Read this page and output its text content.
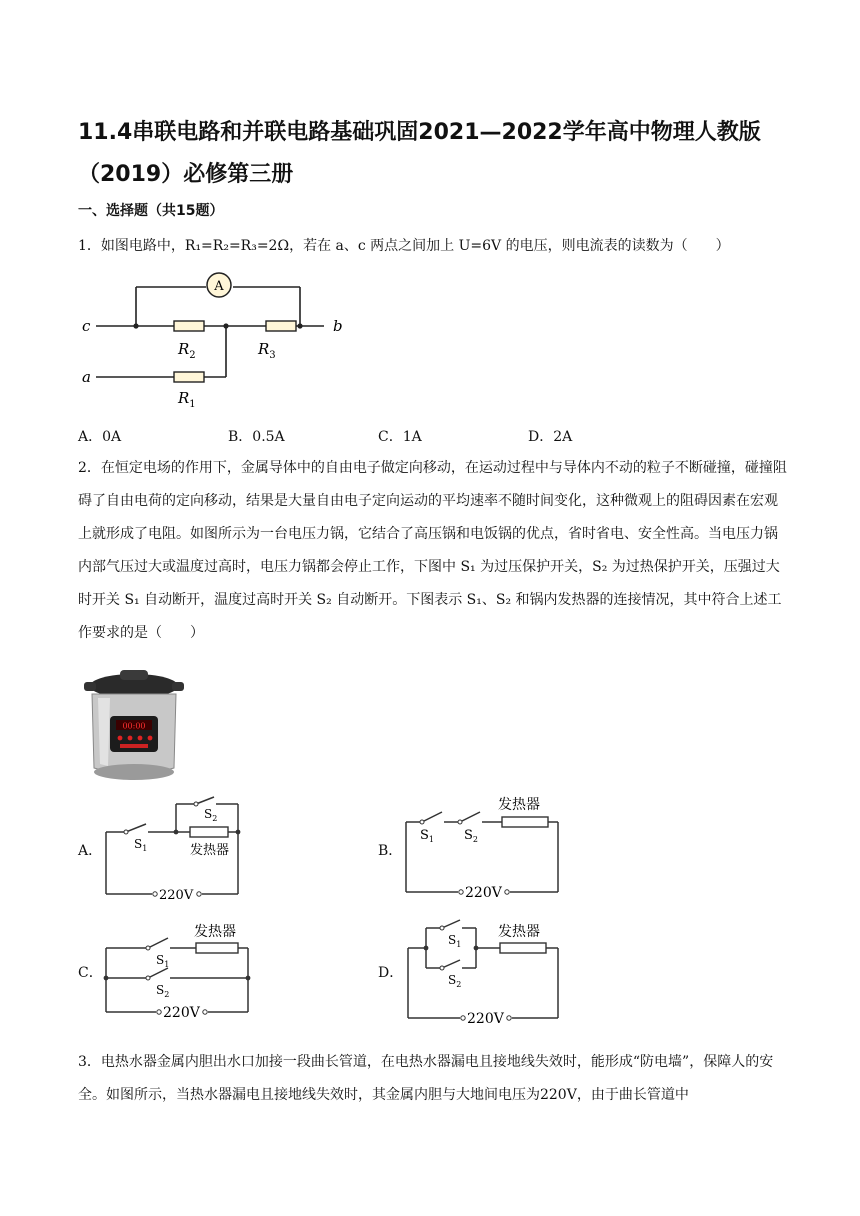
11.4串联电路和并联电路基础巩固2021—2022学年高中物理人教版（2019）必修第三册
一、选择题（共15题）
1．如图电路中，R₁=R₂=R₃=2Ω，若在 a、c 两点之间加上 U=6V 的电压，则电流表的读数为（　　）
A
c	b
a
$R_2$	$R_3$
$R_1$
A．0A	B．0.5A	C．1A	D．2A
2．在恒定电场的作用下，金属导体中的自由电子做定向移动，在运动过程中与导体内不动的粒子不断碰撞，碰撞阻碍了自由电荷的定向移动，结果是大量自由电子定向运动的平均速率不随时间变化，这种微观上的阻碍因素在宏观上就形成了电阻。如图所示为一台电压力锅，它结合了高压锅和电饭锅的优点，省时省电、安全性高。当电压力锅内部气压过大或温度过高时，电压力锅都会停止工作，下图中 S₁ 为过压保护开关，S₂ 为过热保护开关，压强过大时开关 S₁ 自动断开，温度过高时开关 S₂ 自动断开。下图表示 S₁、S₂ 和锅内发热器的连接情况，其中符合上述工作要求的是（　　）
00:00
A．	$S_1$
$S_2$
发热器
220V
B．
$S_1$ $S_2$
发热器
220V
C．
$S_1$
$S_2$
发热器
220V
D．
$S_1$
$S_2$
发热器
220V
3．电热水器金属内胆出水口加接一段曲长管道，在电热水器漏电且接地线失效时，能形成“防电墙”，保障人的安全。如图所示，当热水器漏电且接地线失效时，其金属内胆与大地间电压为220V，由于曲长管道中
